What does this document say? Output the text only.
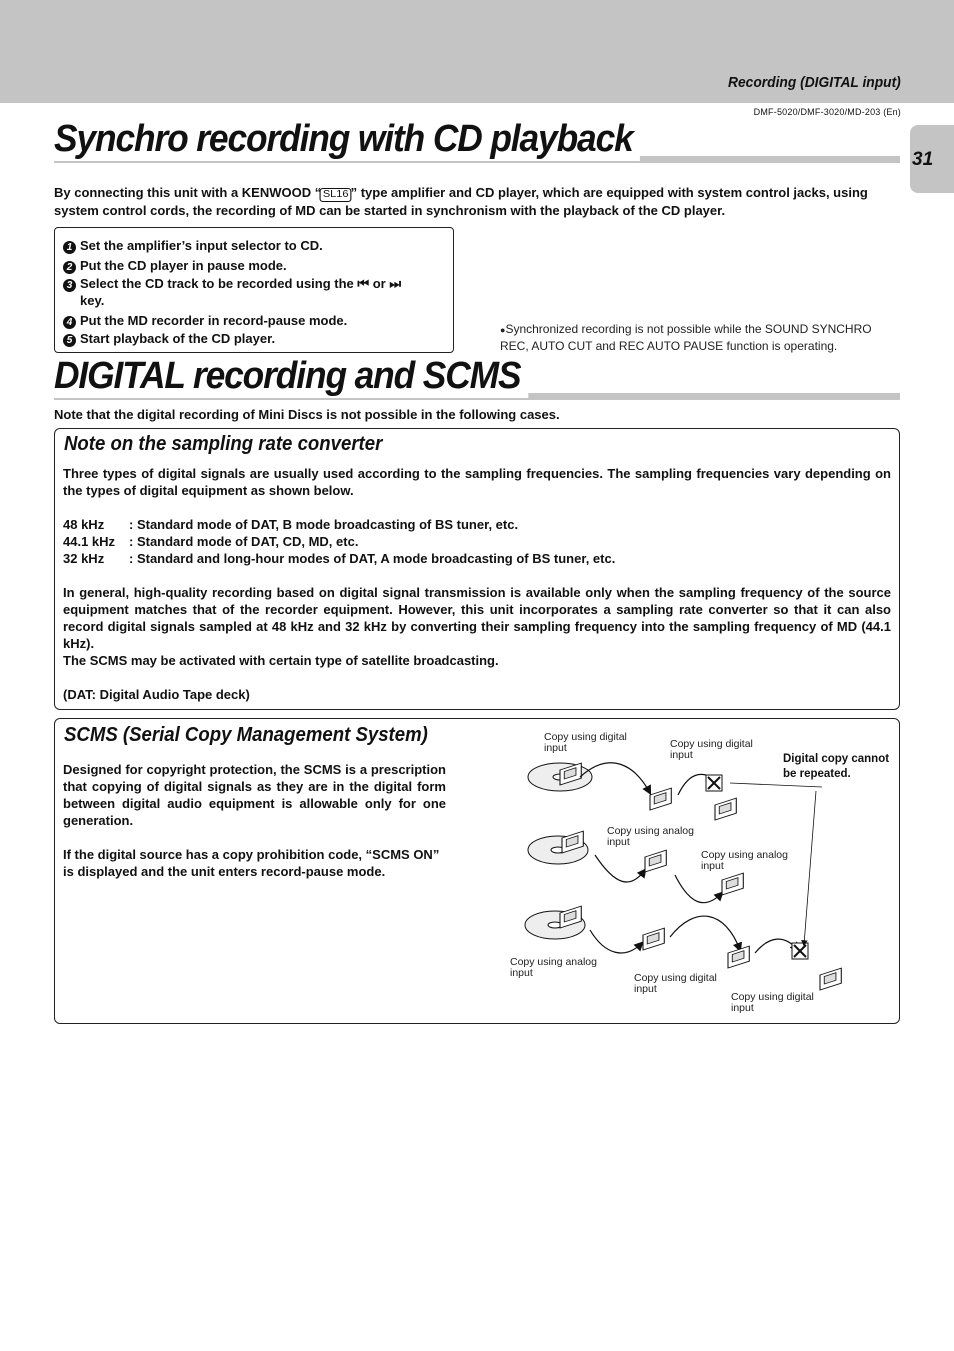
Recording (DIGITAL input)
DMF-5020/DMF-3020/MD-203 (En)
31
Synchro recording with CD playback
By connecting this unit with a KENWOOD “ SL16 ” type amplifier and CD player, which are equipped with system control jacks, using system control cords, the recording of MD can be started in synchronism with the playback of the CD player.
1 Set the amplifier’s input selector to CD.
2 Put the CD player in pause mode.
3 Select the CD track to be recorded using the ⏮ or ⏭
key.
4 Put the MD recorder in record-pause mode.
5 Start playback of the CD player.
●Synchronized recording is not possible while the SOUND SYNCHRO REC, AUTO CUT and REC AUTO PAUSE function is operating.
DIGITAL recording and SCMS
Note that the digital recording of Mini Discs is not possible in the following cases.
Note on the sampling rate converter
Three types of digital signals are usually used according to the sampling frequencies. The sampling frequencies vary depending on the types of digital equipment as shown below.
48 kHz : Standard mode of DAT, B mode broadcasting of BS tuner, etc.
44.1 kHz : Standard mode of DAT, CD, MD, etc.
32 kHz : Standard and long-hour modes of DAT, A mode broadcasting of BS tuner, etc.
In general, high-quality recording based on digital signal transmission is available only when the sampling frequency of the source equipment matches that of the recorder equipment. However, this unit incorporates a sampling rate converter so that it can also record digital signals sampled at 48 kHz and 32 kHz by converting their sampling frequency into the sampling frequency of MD (44.1 kHz).
The SCMS may be activated with certain type of satellite broadcasting.
(DAT: Digital Audio Tape deck)
SCMS (Serial Copy Management System)
Designed for copyright protection, the SCMS is a prescription that copying of digital signals as they are in the digital form between digital audio equipment is allowable only for one generation.
If the digital source has a copy prohibition code, “SCMS ON” is displayed and the unit enters record-pause mode.
Copy using digital input	Copy using digital input	Digital copy cannot be repeated.
Copy using analog input
Copy using analog input
Copy using analog input	Copy using digital input
Copy using digital input
